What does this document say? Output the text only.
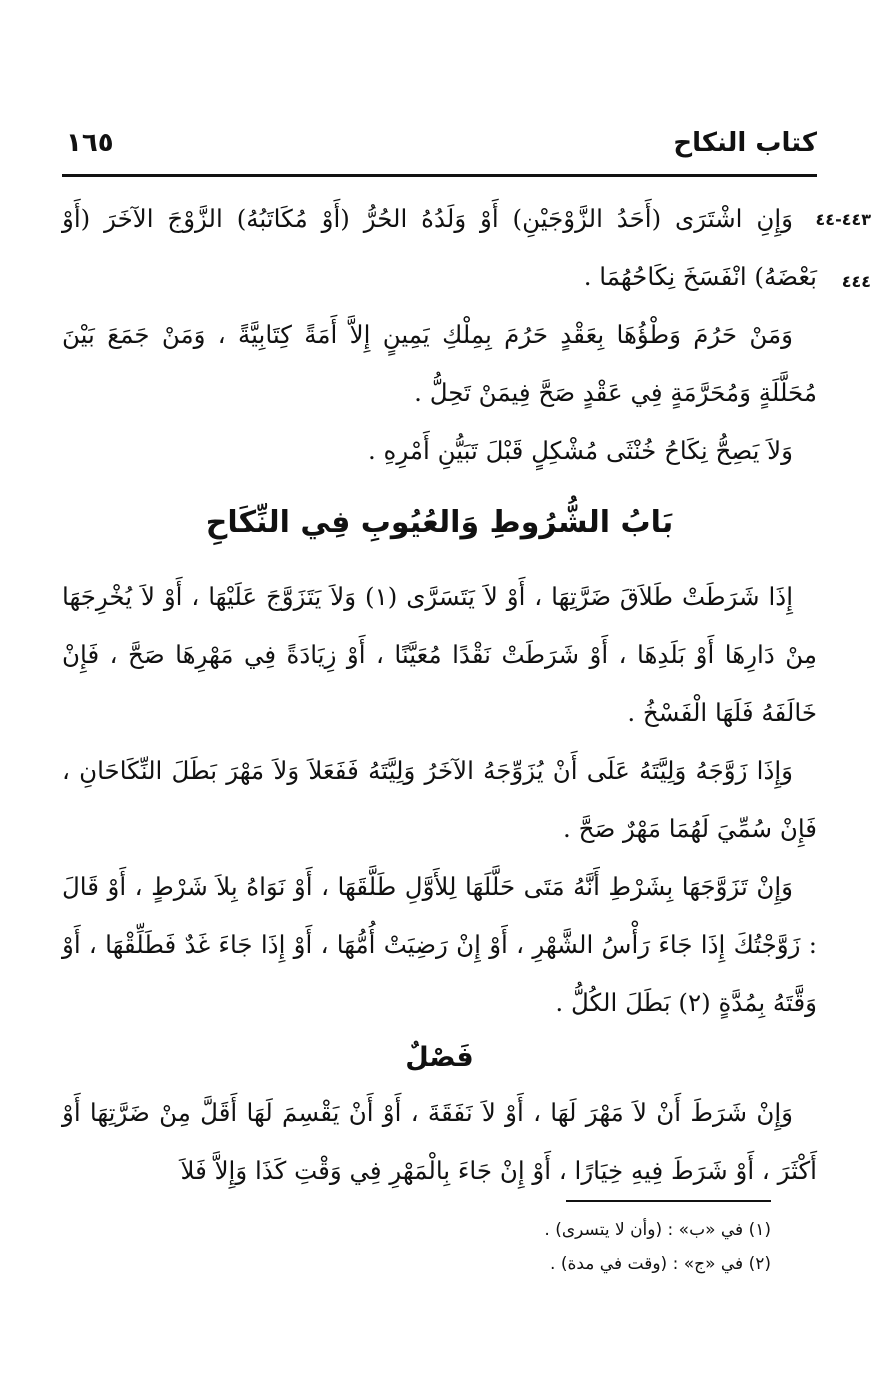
كتاب النكاح
١٦٥
٤٤٣-٤٤
٤٤٤

وَإِنِ اشْتَرَى (أَحَدُ الزَّوْجَيْنِ) أَوْ وَلَدُهُ الحُرُّ (أَوْ مُكَاتَبُهُ) الزَّوْجَ الآخَرَ (أَوْ بَعْضَهُ) انْفَسَخَ نِكَاحُهُمَا .

وَمَنْ حَرُمَ وَطْؤُهَا بِعَقْدٍ حَرُمَ بِمِلْكِ يَمِينٍ إِلاَّ أَمَةً كِتَابِيَّةً ، وَمَنْ جَمَعَ بَيْنَ مُحَلَّلَةٍ وَمُحَرَّمَةٍ فِي عَقْدٍ صَحَّ فِيمَنْ تَحِلُّ .

وَلاَ يَصِحُّ نِكَاحُ خُنْثَى مُشْكِلٍ قَبْلَ تَبَيُّنِ أَمْرِهِ .

بَابُ الشُّرُوطِ وَالعُيُوبِ فِي النِّكَاحِ

إِذَا شَرَطَتْ طَلاَقَ ضَرَّتِهَا ، أَوْ لاَ يَتَسَرَّى (١) وَلاَ يَتَزَوَّجَ عَلَيْهَا ، أَوْ لاَ يُخْرِجَهَا مِنْ دَارِهَا أَوْ بَلَدِهَا ، أَوْ شَرَطَتْ نَقْدًا مُعَيَّنًا ، أَوْ زِيَادَةً فِي مَهْرِهَا صَحَّ ، فَإِنْ خَالَفَهُ فَلَهَا الْفَسْخُ .

وَإِذَا زَوَّجَهُ وَلِيَّتَهُ عَلَى أَنْ يُزَوِّجَهُ الآخَرُ وَلِيَّتَهُ فَفَعَلاَ وَلاَ مَهْرَ بَطَلَ النِّكَاحَانِ ، فَإِنْ سُمِّيَ لَهُمَا مَهْرٌ صَحَّ .

وَإِنْ تَزَوَّجَهَا بِشَرْطِ أَنَّهُ مَتَى حَلَّلَهَا لِلأَوَّلِ طَلَّقَهَا ، أَوْ نَوَاهُ بِلاَ شَرْطٍ ، أَوْ قَالَ : زَوَّجْتُكَ إِذَا جَاءَ رَأْسُ الشَّهْرِ ، أَوْ إِنْ رَضِيَتْ أُمُّهَا ، أَوْ إِذَا جَاءَ غَدٌ فَطَلِّقْهَا ، أَوْ وَقَّتَهُ بِمُدَّةٍ (٢) بَطَلَ الكُلُّ .

فَصْلٌ

وَإِنْ شَرَطَ أَنْ لاَ مَهْرَ لَهَا ، أَوْ لاَ نَفَقَةَ ، أَوْ أَنْ يَقْسِمَ لَهَا أَقَلَّ مِنْ ضَرَّتِهَا أَوْ أَكْثَرَ ، أَوْ شَرَطَ فِيهِ خِيَارًا ، أَوْ إِنْ جَاءَ بِالْمَهْرِ فِي وَقْتِ كَذَا وَإِلاَّ فَلاَ

(١) في «ب» : (وأن لا يتسرى) .

(٢) في «ج» : (وقت في مدة) .
